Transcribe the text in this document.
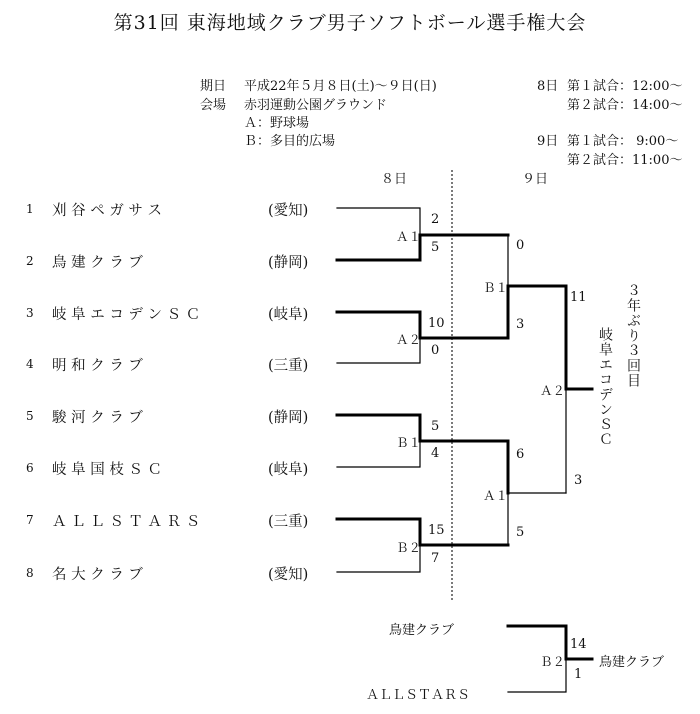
第31回 東海地域クラブ男子ソフトボール選手権大会
期日 平成22年５月８日(土)～９日(日)
会場 赤羽運動公園グラウンド
Ａ：野球場
Ｂ：多目的広場
8日 第１試合：12:00～
第２試合：14:00～
9日 第１試合： 9:00～
第２試合：11:00～
８日	９日
1 刈 谷 ペ ガ サ ス	(愛知)
2 鳥 建 ク ラ ブ	(静岡)
3 岐 阜 エ コ デ ン Ｓ Ｃ	(岐阜)
4 明 和 ク ラ ブ	(三重)
5 駿 河 ク ラ ブ	(静岡)
6 岐 阜 国 枝 Ｓ Ｃ	(岐阜)
7 Ａ Ｌ Ｌ Ｓ Ｔ Ａ Ｒ Ｓ	(三重)
8 名 大 ク ラ ブ	(愛知)
Ａ１
2
5
Ａ２
10
0
Ｂ１
5
4
Ｂ２
15
7
Ｂ１
0
3
Ａ１
6
5
Ａ２
11
3
３年ぶり３回目
岐阜エコデンＳＣ
鳥建クラブ
ＡＬＬＳＴＡＲＳ
Ｂ２
14
1
鳥建クラブ
